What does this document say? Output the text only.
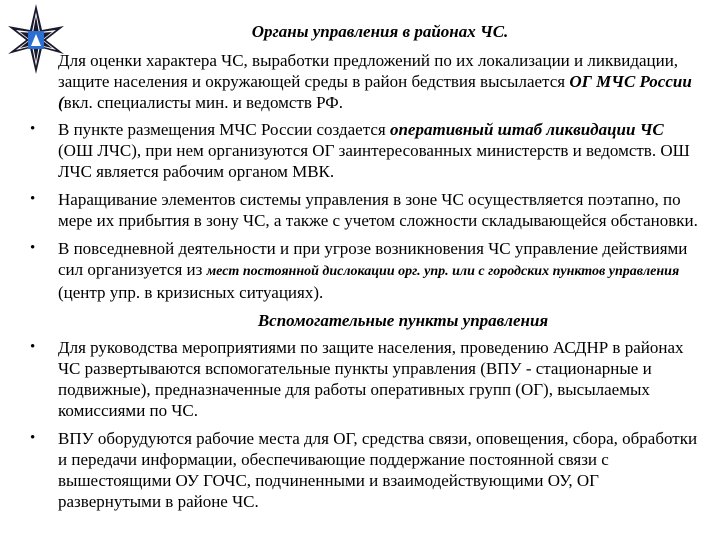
Органы управления в районах ЧС.
Для оценки характера ЧС, выработки предложений по их локализации и ликвидации, защите населения и окружающей среды в район бедствия высылается ОГ МЧС России (вкл. специалисты мин. и ведомств РФ.
• В пункте размещения МЧС России создается оперативный штаб ликвидации ЧС (ОШ ЛЧС), при нем организуются ОГ заинтересованных министерств и ведомств. ОШ ЛЧС является рабочим органом МВК.
• Наращивание элементов системы управления в зоне ЧС осуществляется поэтапно, по мере их прибытия в зону ЧС, а также с учетом сложности складывающейся обстановки.
• В повседневной деятельности и при угрозе возникновения ЧС управление действиями сил организуется из мест постоянной дислокации орг. упр. или с городских пунктов управления (центр упр. в кризисных ситуациях).
Вспомогательные пункты управления
• Для руководства мероприятиями по защите населения, проведению АСДНР в районах ЧС развертываются вспомогательные пункты управления (ВПУ - стационарные и подвижные), предназначенные для работы оперативных групп (ОГ), высылаемых комиссиями по ЧС.
• ВПУ оборудуются рабочие места для ОГ, средства связи, оповещения, сбора, обработки и передачи информации, обеспечивающие поддержание постоянной связи с вышестоящими ОУ ГОЧС, подчиненными и взаимодействующими ОУ, ОГ развернутыми в районе ЧС.
